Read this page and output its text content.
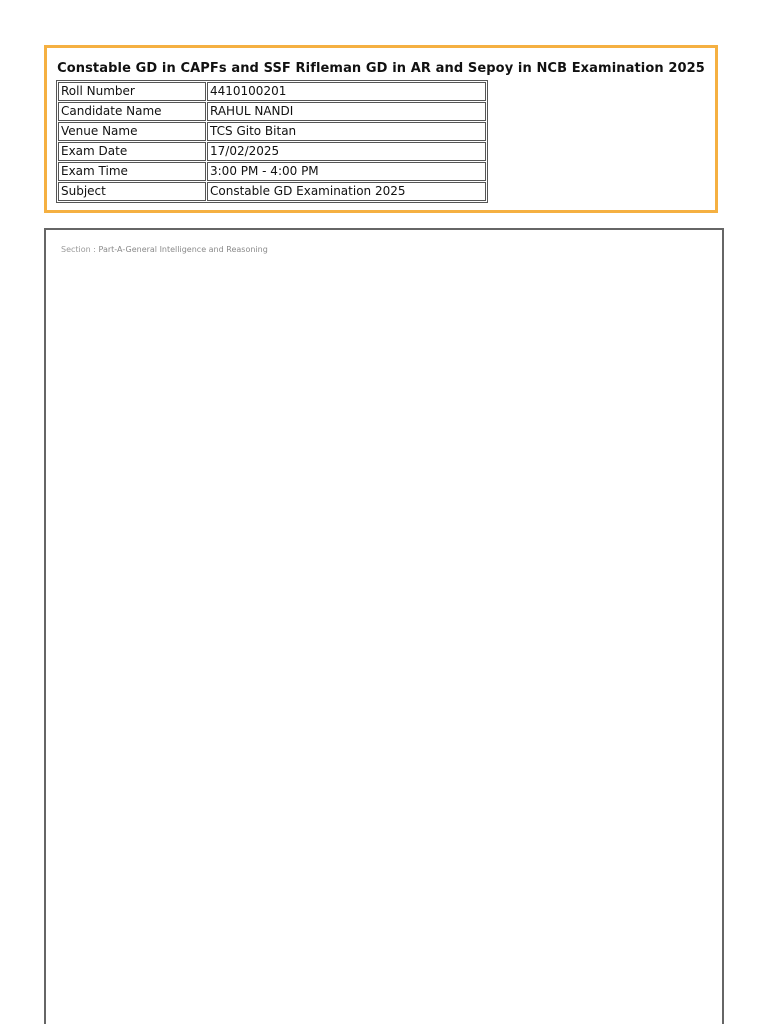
Constable GD in CAPFs and SSF Rifleman GD in AR and Sepoy in NCB Examination 2025
Roll Number	4410100201
Candidate Name	RAHUL NANDI
Venue Name	TCS Gito Bitan
Exam Date	17/02/2025
Exam Time	3:00 PM - 4:00 PM
Subject	Constable GD Examination 2025
Section : Part-A-General Intelligence and Reasoning
